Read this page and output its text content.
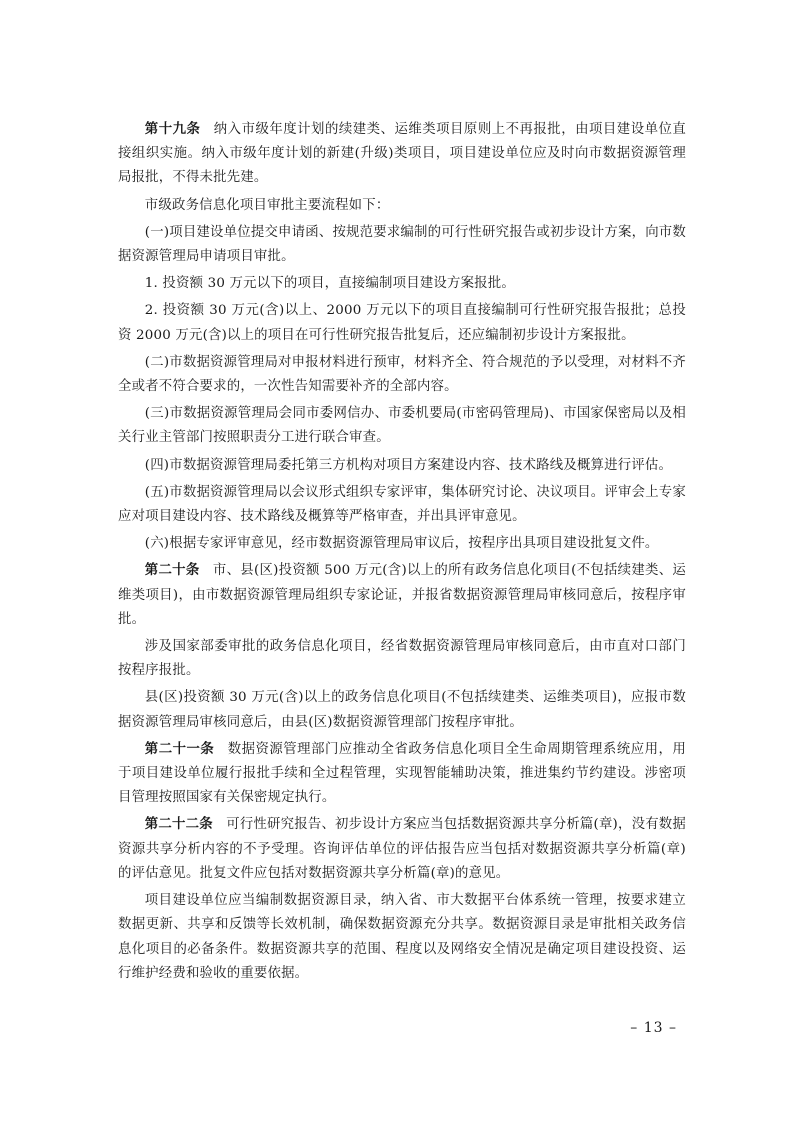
第十九条 纳入市级年度计划的续建类、运维类项目原则上不再报批，由项目建设单位直接组织实施。纳入市级年度计划的新建(升级)类项目，项目建设单位应及时向市数据资源管理局报批，不得未批先建。

市级政务信息化项目审批主要流程如下：

(一)项目建设单位提交申请函、按规范要求编制的可行性研究报告或初步设计方案，向市数据资源管理局申请项目审批。

1. 投资额 30 万元以下的项目，直接编制项目建设方案报批。

2. 投资额 30 万元(含)以上、2000 万元以下的项目直接编制可行性研究报告报批；总投资 2000 万元(含)以上的项目在可行性研究报告批复后，还应编制初步设计方案报批。

(二)市数据资源管理局对申报材料进行预审，材料齐全、符合规范的予以受理，对材料不齐全或者不符合要求的，一次性告知需要补齐的全部内容。

(三)市数据资源管理局会同市委网信办、市委机要局(市密码管理局)、市国家保密局以及相关行业主管部门按照职责分工进行联合审查。

(四)市数据资源管理局委托第三方机构对项目方案建设内容、技术路线及概算进行评估。

(五)市数据资源管理局以会议形式组织专家评审，集体研究讨论、决议项目。评审会上专家应对项目建设内容、技术路线及概算等严格审查，并出具评审意见。

(六)根据专家评审意见，经市数据资源管理局审议后，按程序出具项目建设批复文件。

第二十条 市、县(区)投资额 500 万元(含)以上的所有政务信息化项目(不包括续建类、运维类项目)，由市数据资源管理局组织专家论证，并报省数据资源管理局审核同意后，按程序审批。

涉及国家部委审批的政务信息化项目，经省数据资源管理局审核同意后，由市直对口部门按程序报批。

县(区)投资额 30 万元(含)以上的政务信息化项目(不包括续建类、运维类项目)，应报市数据资源管理局审核同意后，由县(区)数据资源管理部门按程序审批。

第二十一条 数据资源管理部门应推动全省政务信息化项目全生命周期管理系统应用，用于项目建设单位履行报批手续和全过程管理，实现智能辅助决策，推进集约节约建设。涉密项目管理按照国家有关保密规定执行。

第二十二条 可行性研究报告、初步设计方案应当包括数据资源共享分析篇(章)，没有数据资源共享分析内容的不予受理。咨询评估单位的评估报告应当包括对数据资源共享分析篇(章)的评估意见。批复文件应包括对数据资源共享分析篇(章)的意见。

项目建设单位应当编制数据资源目录，纳入省、市大数据平台体系统一管理，按要求建立数据更新、共享和反馈等长效机制，确保数据资源充分共享。数据资源目录是审批相关政务信息化项目的必备条件。数据资源共享的范围、程度以及网络安全情况是确定项目建设投资、运行维护经费和验收的重要依据。

– 13 –
